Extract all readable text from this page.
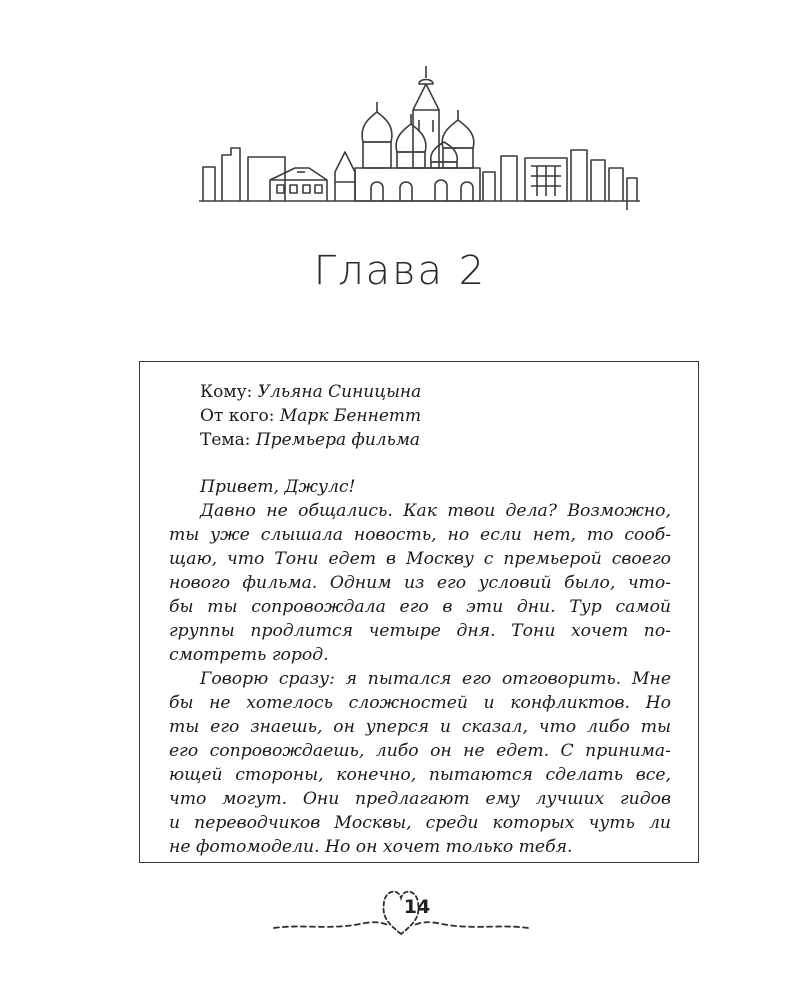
Глава 2
Кому: Ульяна Синицына
От кого: Марк Беннетт
Тема: Премьера фильма
Привет, Джулс!
Давно не общались. Как твои дела? Возможно,
ты уже слышала новость, но если нет, то сооб-
щаю, что Тони едет в Москву с премьерой своего
нового фильма. Одним из его условий было, что-
бы ты сопровождала его в эти дни. Тур самой
группы продлится четыре дня. Тони хочет по-
смотреть город.
Говорю сразу: я пытался его отговорить. Мне
бы не хотелось сложностей и конфликтов. Но
ты его знаешь, он уперся и сказал, что либо ты
его сопровождаешь, либо он не едет. С принима-
ющей стороны, конечно, пытаются сделать все,
что могут. Они предлагают ему лучших гидов
и переводчиков Москвы, среди которых чуть ли
не фотомодели. Но он хочет только тебя.
14
